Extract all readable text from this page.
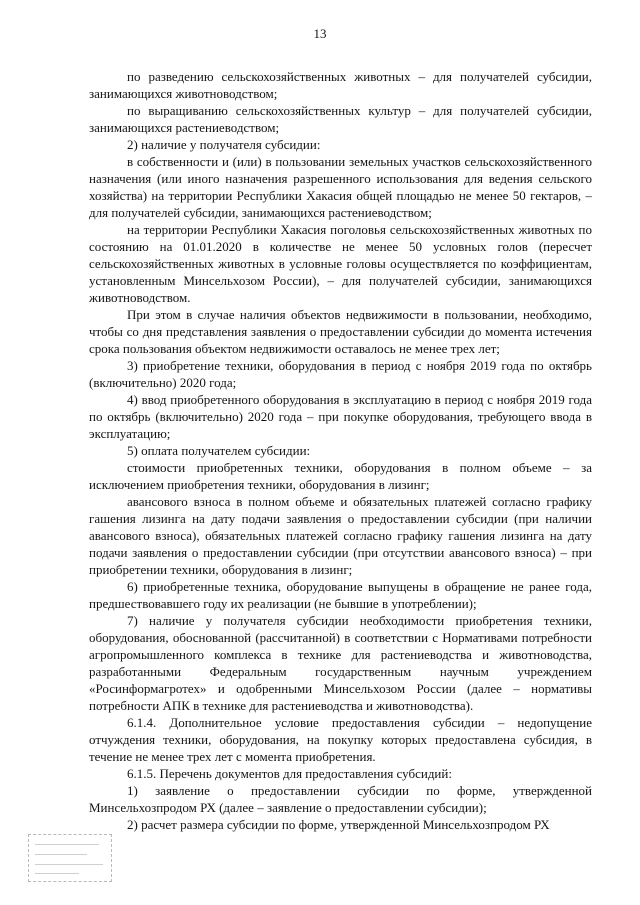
13

по разведению сельскохозяйственных животных – для получателей субсидии, занимающихся животноводством;

по выращиванию сельскохозяйственных культур – для получателей субсидии, занимающихся растениеводством;

2) наличие у получателя субсидии:

в собственности и (или) в пользовании земельных участков сельскохозяйственного назначения (или иного назначения разрешенного использования для ведения сельского хозяйства) на территории Республики Хакасия общей площадью не менее 50 гектаров, – для получателей субсидии, занимающихся растениеводством;

на территории Республики Хакасия поголовья сельскохозяйственных животных по состоянию на 01.01.2020 в количестве не менее 50 условных голов (пересчет сельскохозяйственных животных в условные головы осуществляется по коэффициентам, установленным Минсельхозом России), – для получателей субсидии, занимающихся животноводством.

При этом в случае наличия объектов недвижимости в пользовании, необходимо, чтобы со дня представления заявления о предоставлении субсидии до момента истечения срока пользования объектом недвижимости оставалось не менее трех лет;

3) приобретение техники, оборудования в период с ноября 2019 года по октябрь (включительно) 2020 года;

4) ввод приобретенного оборудования в эксплуатацию в период с ноября 2019 года по октябрь (включительно) 2020 года – при покупке оборудования, требующего ввода в эксплуатацию;

5) оплата получателем субсидии:

стоимости приобретенных техники, оборудования в полном объеме – за исключением приобретения техники, оборудования в лизинг;

авансового взноса в полном объеме и обязательных платежей согласно графику гашения лизинга на дату подачи заявления о предоставлении субсидии (при наличии авансового взноса), обязательных платежей согласно графику гашения лизинга на дату подачи заявления о предоставлении субсидии (при отсутствии авансового взноса) – при приобретении техники, оборудования в лизинг;

6) приобретенные техника, оборудование выпущены в обращение не ранее года, предшествовавшего году их реализации (не бывшие в употреблении);

7) наличие у получателя субсидии необходимости приобретения техники, оборудования, обоснованной (рассчитанной) в соответствии с Нормативами потребности агропромышленного комплекса в технике для растениеводства и животноводства, разработанными Федеральным государственным научным учреждением «Росинформагротех» и одобренными Минсельхозом России (далее – нормативы потребности АПК в технике для растениеводства и животноводства).

6.1.4. Дополнительное условие предоставления субсидии – недопущение отчуждения техники, оборудования, на покупку которых предоставлена субсидия, в течение не менее трех лет с момента приобретения.

6.1.5. Перечень документов для предоставления субсидий:

1) заявление о предоставлении субсидии по форме, утвержденной Минсельхозпродом РХ (далее – заявление о предоставлении субсидии);

2) расчет размера субсидии по форме, утвержденной Минсельхозпродом РХ
